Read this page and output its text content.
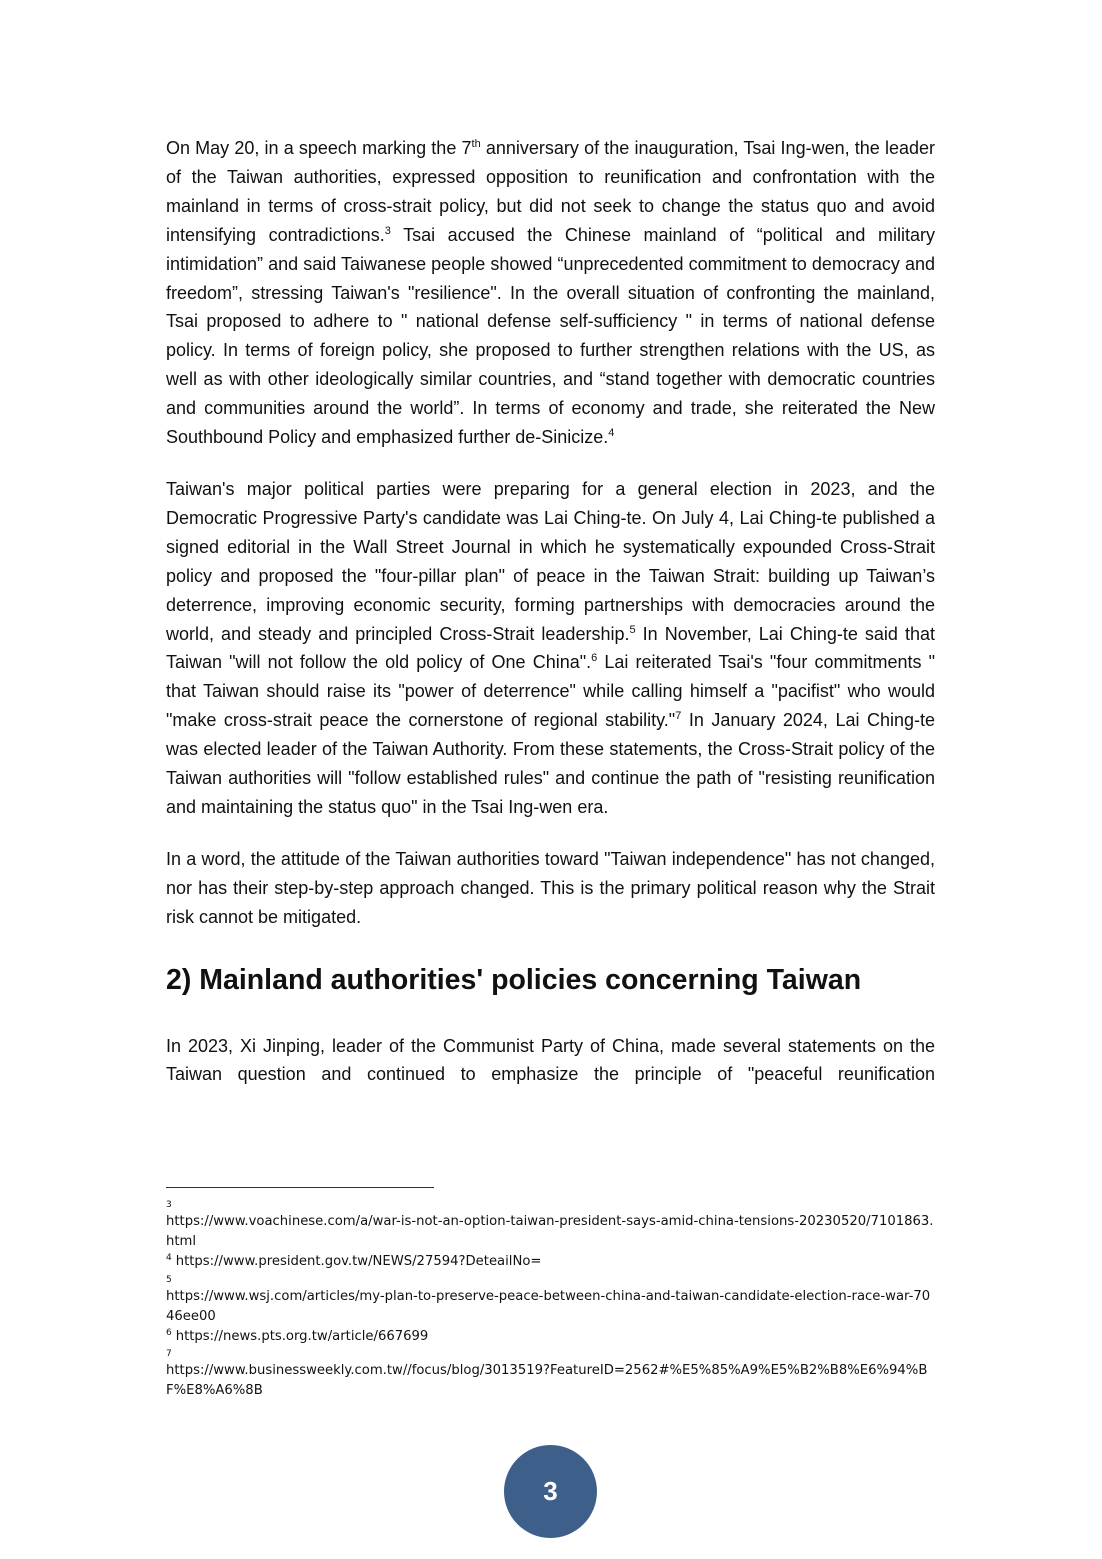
On May 20, in a speech marking the 7th anniversary of the inauguration, Tsai Ing-wen, the leader of the Taiwan authorities, expressed opposition to reunification and confrontation with the mainland in terms of cross-strait policy, but did not seek to change the status quo and avoid intensifying contradictions.$^3$ Tsai accused the Chinese mainland of “political and military intimidation” and said Taiwanese people showed “unprecedented commitment to democracy and freedom”, stressing Taiwan's "resilience". In the overall situation of confronting the mainland, Tsai proposed to adhere to " national defense self-sufficiency " in terms of national defense policy. In terms of foreign policy, she proposed to further strengthen relations with the US, as well as with other ideologically similar countries, and “stand together with democratic countries and communities around the world”. In terms of economy and trade, she reiterated the New Southbound Policy and emphasized further de-Sinicize.$^4$

Taiwan's major political parties were preparing for a general election in 2023, and the Democratic Progressive Party's candidate was Lai Ching-te. On July 4, Lai Ching-te published a signed editorial in the Wall Street Journal in which he systematically expounded Cross-Strait policy and proposed the "four-pillar plan" of peace in the Taiwan Strait: building up Taiwan’s deterrence, improving economic security, forming partnerships with democracies around the world, and steady and principled Cross-Strait leadership.$^5$ In November, Lai Ching-te said that Taiwan "will not follow the old policy of One China".$^6$ Lai reiterated Tsai's "four commitments " that Taiwan should raise its "power of deterrence" while calling himself a "pacifist" who would "make cross-strait peace the cornerstone of regional stability."$^7$ In January 2024, Lai Ching-te was elected leader of the Taiwan Authority. From these statements, the Cross-Strait policy of the Taiwan authorities will "follow established rules" and continue the path of "resisting reunification and maintaining the status quo" in the Tsai Ing-wen era.

In a word, the attitude of the Taiwan authorities toward "Taiwan independence" has not changed, nor has their step-by-step approach changed. This is the primary political reason why the Strait risk cannot be mitigated.

2) Mainland authorities' policies concerning Taiwan

In 2023, Xi Jinping, leader of the Communist Party of China, made several statements on the Taiwan question and continued to emphasize the principle of "peaceful reunification

3
https://www.voachinese.com/a/war-is-not-an-option-taiwan-president-says-amid-china-tensions-20230520/7101863.html
$^4$ https://www.president.gov.tw/NEWS/27594?DeteailNo=
5
https://www.wsj.com/articles/my-plan-to-preserve-peace-between-china-and-taiwan-candidate-election-race-war-7046ee00
$^6$ https://news.pts.org.tw/article/667699
7
https://www.businessweekly.com.tw//focus/blog/3013519?FeatureID=2562#%E5%85%A9%E5%B2%B8%E6%94%BF%E8%A6%8B
3
